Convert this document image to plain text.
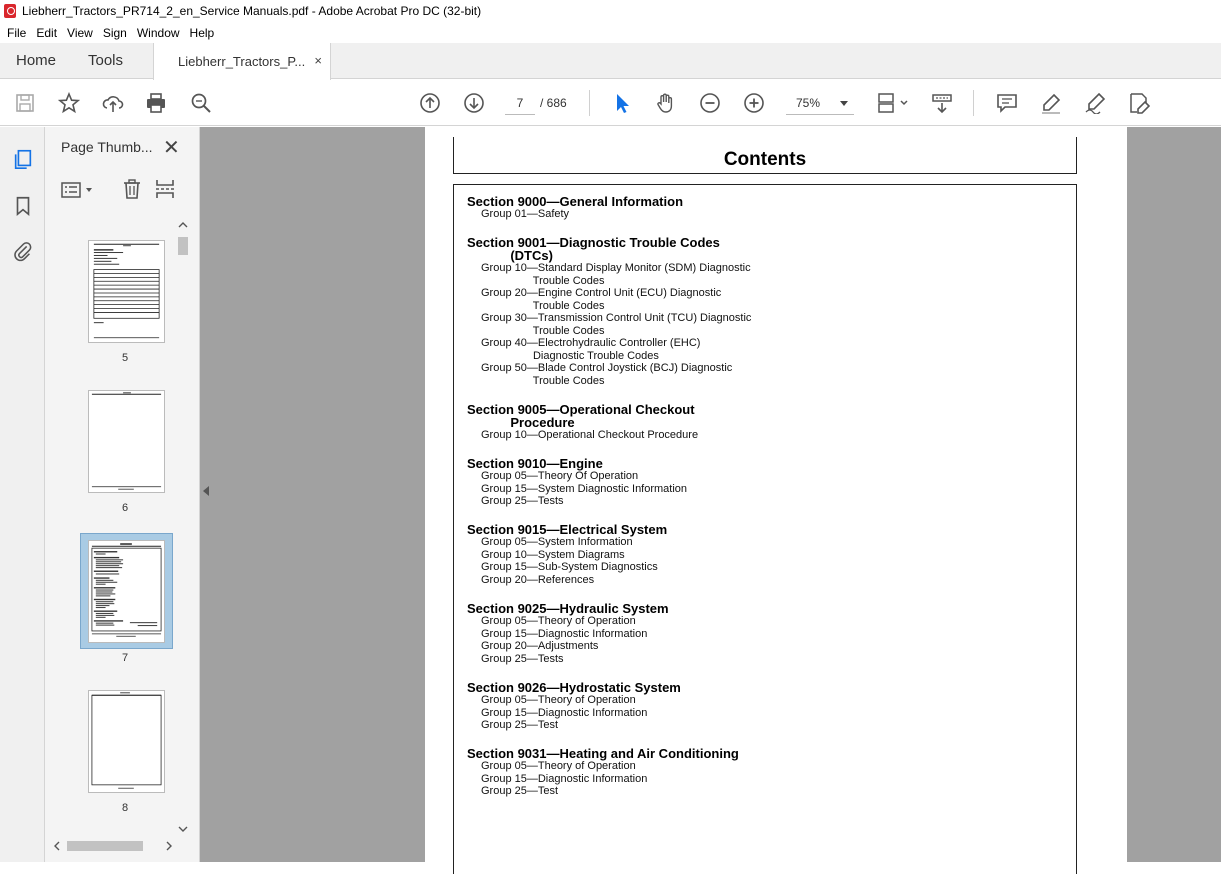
Liebherr_Tractors_PR714_2_en_Service Manuals.pdf - Adobe Acrobat Pro DC (32-bit)
File Edit View Sign Window Help
Home Tools	Liebherr_Tractors_P... ×
7	/ 686	75%
Page Thumb... ✕
5
6
7
8
Contents
Section 9000—General Information
Group 01—Safety
Section 9001—Diagnostic Trouble Codes
(DTCs)
Group 10—Standard Display Monitor (SDM) Diagnostic
Trouble Codes
Group 20—Engine Control Unit (ECU) Diagnostic
Trouble Codes
Group 30—Transmission Control Unit (TCU) Diagnostic
Trouble Codes
Group 40—Electrohydraulic Controller (EHC)
Diagnostic Trouble Codes
Group 50—Blade Control Joystick (BCJ) Diagnostic
Trouble Codes
Section 9005—Operational Checkout
Procedure
Group 10—Operational Checkout Procedure
Section 9010—Engine
Group 05—Theory Of Operation
Group 15—System Diagnostic Information
Group 25—Tests
Section 9015—Electrical System
Group 05—System Information
Group 10—System Diagrams
Group 15—Sub-System Diagnostics
Group 20—References
Section 9025—Hydraulic System
Group 05—Theory of Operation
Group 15—Diagnostic Information
Group 20—Adjustments
Group 25—Tests
Section 9026—Hydrostatic System
Group 05—Theory of Operation
Group 15—Diagnostic Information
Group 25—Test
Section 9031—Heating and Air Conditioning
Group 05—Theory of Operation
Group 15—Diagnostic Information
Group 25—Test
